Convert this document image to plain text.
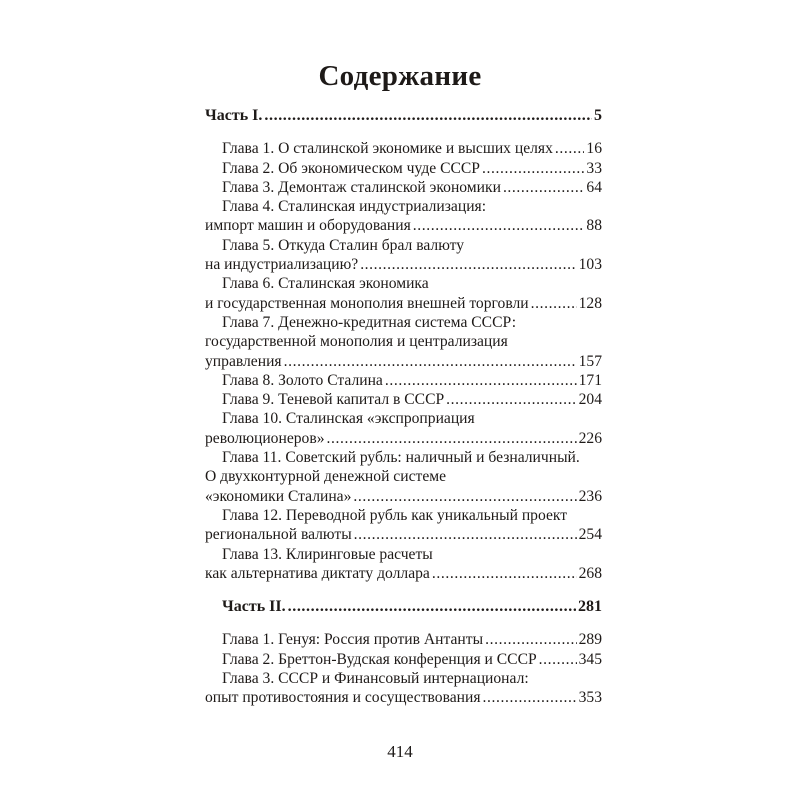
Содержание
Часть I. .....	5
Глава 1. О сталинской экономике и высших целях ..... 16
Глава 2. Об экономическом чуде СССР .....	33
Глава 3. Демонтаж сталинской экономики .....	64
Глава 4. Сталинская индустриализация:
импорт машин и оборудования .....	88
Глава 5. Откуда Сталин брал валюту
на индустриализацию? .....	103
Глава 6. Сталинская экономика
и государственная монополия внешней торговли .....	128
Глава 7. Денежно-кредитная система СССР:
государственной монополия и централизация
управления .....	157
Глава 8. Золото Сталина .....	171
Глава 9. Теневой капитал в СССР .....	204
Глава 10. Сталинская «экспроприация
революционеров» .....	226
Глава 11. Советский рубль: наличный и безналичный.
О двухконтурной денежной системе
«экономики Сталина» .....	236
Глава 12. Переводной рубль как уникальный проект
региональной валюты .....	254
Глава 13. Клиринговые расчеты
как альтернатива диктату доллара .....	268
Часть II. .....	281
Глава 1. Генуя: Россия против Антанты .....	289
Глава 2. Бреттон-Вудская конференция и СССР .....	345
Глава 3. СССР и Финансовый интернационал:
опыт противостояния и сосуществования .....	353
414
